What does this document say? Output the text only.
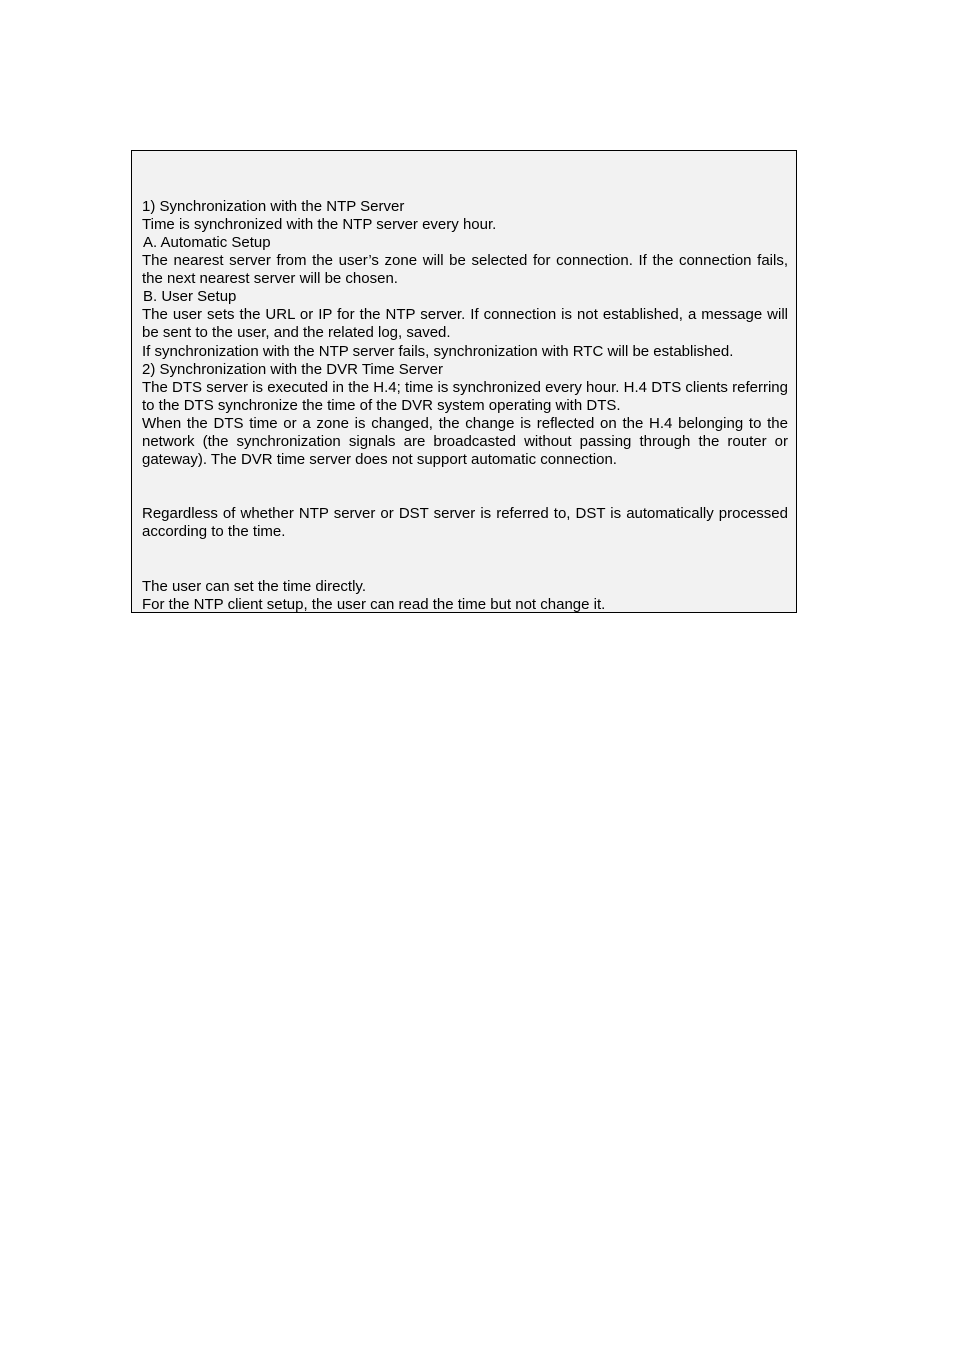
1) Synchronization with the NTP Server
Time is synchronized with the NTP server every hour.
A. Automatic Setup
The nearest server from the user’s zone will be selected for connection. If the connection fails, the next nearest server will be chosen.
B. User Setup
The user sets the URL or IP for the NTP server. If connection is not established, a message will be sent to the user, and the related log, saved.
If synchronization with the NTP server fails, synchronization with RTC will be established.
2) Synchronization with the DVR Time Server
The DTS server is executed in the H.4; time is synchronized every hour. H.4 DTS clients referring to the DTS synchronize the time of the DVR system operating with DTS.
When the DTS time or a zone is changed, the change is reflected on the H.4 belonging to the network (the synchronization signals are broadcasted without passing through the router or gateway). The DVR time server does not support automatic connection.
Regardless of whether NTP server or DST server is referred to, DST is automatically processed according to the time.
The user can set the time directly.
For the NTP client setup, the user can read the time but not change it.
